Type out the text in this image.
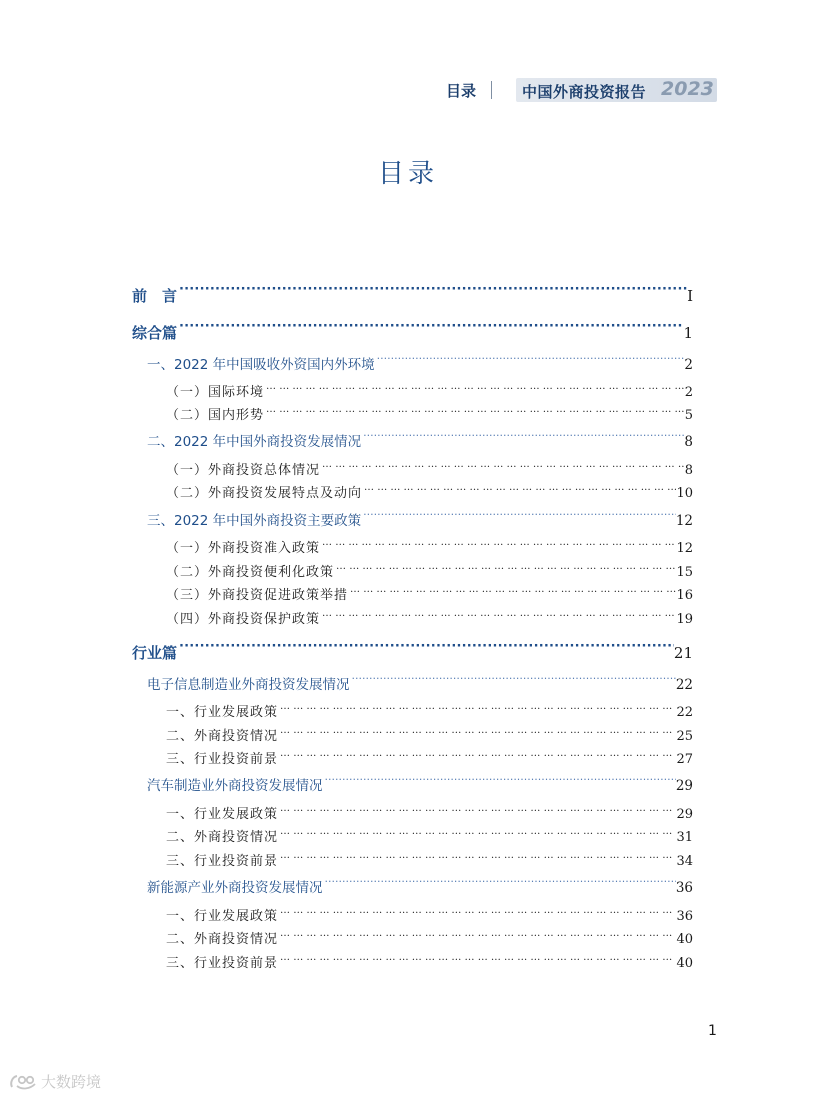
目录	中国外商投资报告 2023
目录
前　言 ·····	I
综合篇 ·····	1
一、2022 年中国吸收外资国内外环境 ·····	2
（一）国际环境 … … … … … … … … … … … … … … … … … … … … … … … … … … … … … … … … … … … … … … … … … … … … …	2
（二）国内形势 … … … … … … … … … … … … … … … … … … … … … … … … … … … … … … … … … … … … … … … … … … … … …	5
二、2022 年中国外商投资发展情况 ·····	8
（一）外商投资总体情况 … … … … … … … … … … … … … … … … … … … … … … … … … … … … … … … … … … … … … … … … … … … … …	8
（二）外商投资发展特点及动向 … … … … … … … … … … … … … … … … … … … … … … … … … … … … … … … … … … … … … … … … … … … … …	10
三、2022 年中国外商投资主要政策 ·····	12
（一）外商投资准入政策 … … … … … … … … … … … … … … … … … … … … … … … … … … … … … … … … … … … … … … … … … … … … …	12
（二）外商投资便利化政策 … … … … … … … … … … … … … … … … … … … … … … … … … … … … … … … … … … … … … … … … … … … … …	15
（三）外商投资促进政策举措 … … … … … … … … … … … … … … … … … … … … … … … … … … … … … … … … … … … … … … … … … … … … …	16
（四）外商投资保护政策 … … … … … … … … … … … … … … … … … … … … … … … … … … … … … … … … … … … … … … … … … … … … …	19
行业篇 ·····	21
电子信息制造业外商投资发展情况 ·····	22
一、行业发展政策 … … … … … … … … … … … … … … … … … … … … … … … … … … … … … … … … … … … … … … … … … … … … …	22
二、外商投资情况 … … … … … … … … … … … … … … … … … … … … … … … … … … … … … … … … … … … … … … … … … … … … …	25
三、行业投资前景 … … … … … … … … … … … … … … … … … … … … … … … … … … … … … … … … … … … … … … … … … … … … …	27
汽车制造业外商投资发展情况 ·····	29
一、行业发展政策 … … … … … … … … … … … … … … … … … … … … … … … … … … … … … … … … … … … … … … … … … … … … …	29
二、外商投资情况 … … … … … … … … … … … … … … … … … … … … … … … … … … … … … … … … … … … … … … … … … … … … …	31
三、行业投资前景 … … … … … … … … … … … … … … … … … … … … … … … … … … … … … … … … … … … … … … … … … … … … …	34
新能源产业外商投资发展情况 ·····	36
一、行业发展政策 … … … … … … … … … … … … … … … … … … … … … … … … … … … … … … … … … … … … … … … … … … … … …	36
二、外商投资情况 … … … … … … … … … … … … … … … … … … … … … … … … … … … … … … … … … … … … … … … … … … … … …	40
三、行业投资前景 … … … … … … … … … … … … … … … … … … … … … … … … … … … … … … … … … … … … … … … … … … … … …	40
1
大数跨境
